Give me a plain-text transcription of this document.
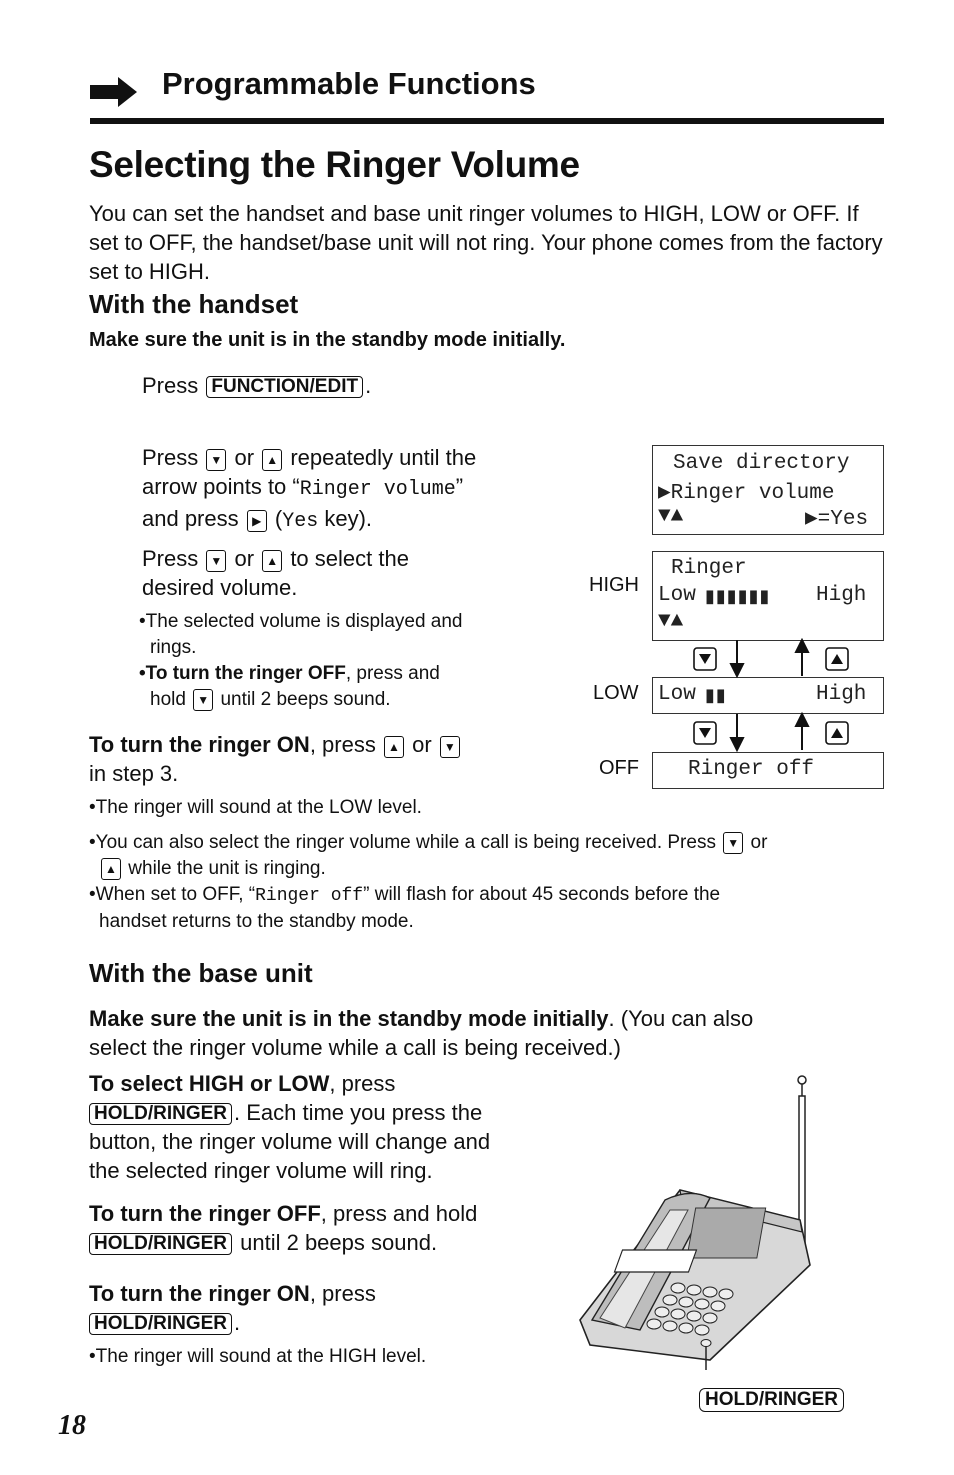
Programmable Functions
Selecting the Ringer Volume
You can set the handset and base unit ringer volumes to HIGH, LOW or OFF. If set to OFF, the handset/base unit will not ring. Your phone comes from the factory set to HIGH.
With the handset
Make sure the unit is in the standby mode initially.
Press FUNCTION/EDIT .
Press ▼ or ▲ repeatedly until the
arrow points to “Ringer volume”
and press ▶ (Yes key).
Press ▼ or ▲ to select the
desired volume.
•The selected volume is displayed and
rings.
•To turn the ringer OFF, press and
hold ▼ until 2 beeps sound.
To turn the ringer ON, press ▲ or ▼
in step 3.
•The ringer will sound at the LOW level.
•You can also select the ringer volume while a call is being received. Press ▼ or
▲ while the unit is ringing.
•When set to OFF, “Ringer off” will flash for about 45 seconds before the
handset returns to the standby mode.
Save directory
▶Ringer volume
▼▲	▶=Yes
HIGH
Ringer
Low ▮▮▮▮▮▮ High
▼▲
LOW Low ▮▮	High
OFF Ringer off
With the base unit
Make sure the unit is in the standby mode initially. (You can also
select the ringer volume while a call is being received.)
To select HIGH or LOW, press
HOLD/RINGER . Each time you press the
button, the ringer volume will change and
the selected ringer volume will ring.
To turn the ringer OFF, press and hold
HOLD/RINGER until 2 beeps sound.
To turn the ringer ON, press
HOLD/RINGER .
•The ringer will sound at the HIGH level.
HOLD/RINGER
18
